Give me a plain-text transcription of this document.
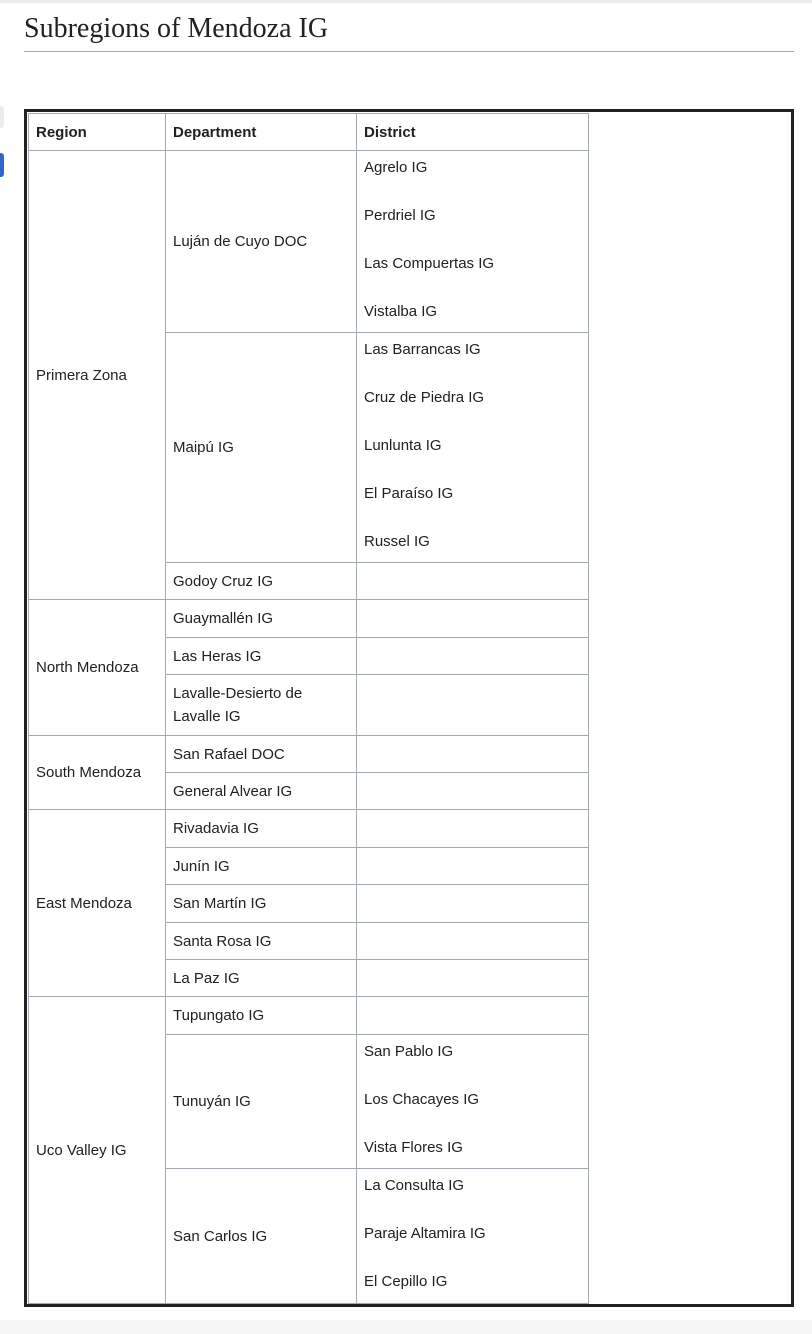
Subregions of Mendoza IG
Region	Department	District
Primera Zona	Luján de Cuyo DOC	Agrelo IG
Perdriel IG
Las Compuertas IG
Vistalba IG

	Maipú IG	Las Barrancas IG
Cruz de Piedra IG
Lunlunta IG
El Paraíso IG
Russel IG

	Godoy Cruz IG	
North Mendoza	Guaymallén IG	
	Las Heras IG	
	Lavalle-Desierto de Lavalle IG	
South Mendoza	San Rafael DOC	
	General Alvear IG	
East Mendoza	Rivadavia IG	
	Junín IG	
	San Martín IG	
	Santa Rosa IG	
	La Paz IG	
Uco Valley IG	Tupungato IG	
	Tunuyán IG	San Pablo IG
Los Chacayes IG
Vista Flores IG

	San Carlos IG	La Consulta IG
Paraje Altamira IG
El Cepillo IG
